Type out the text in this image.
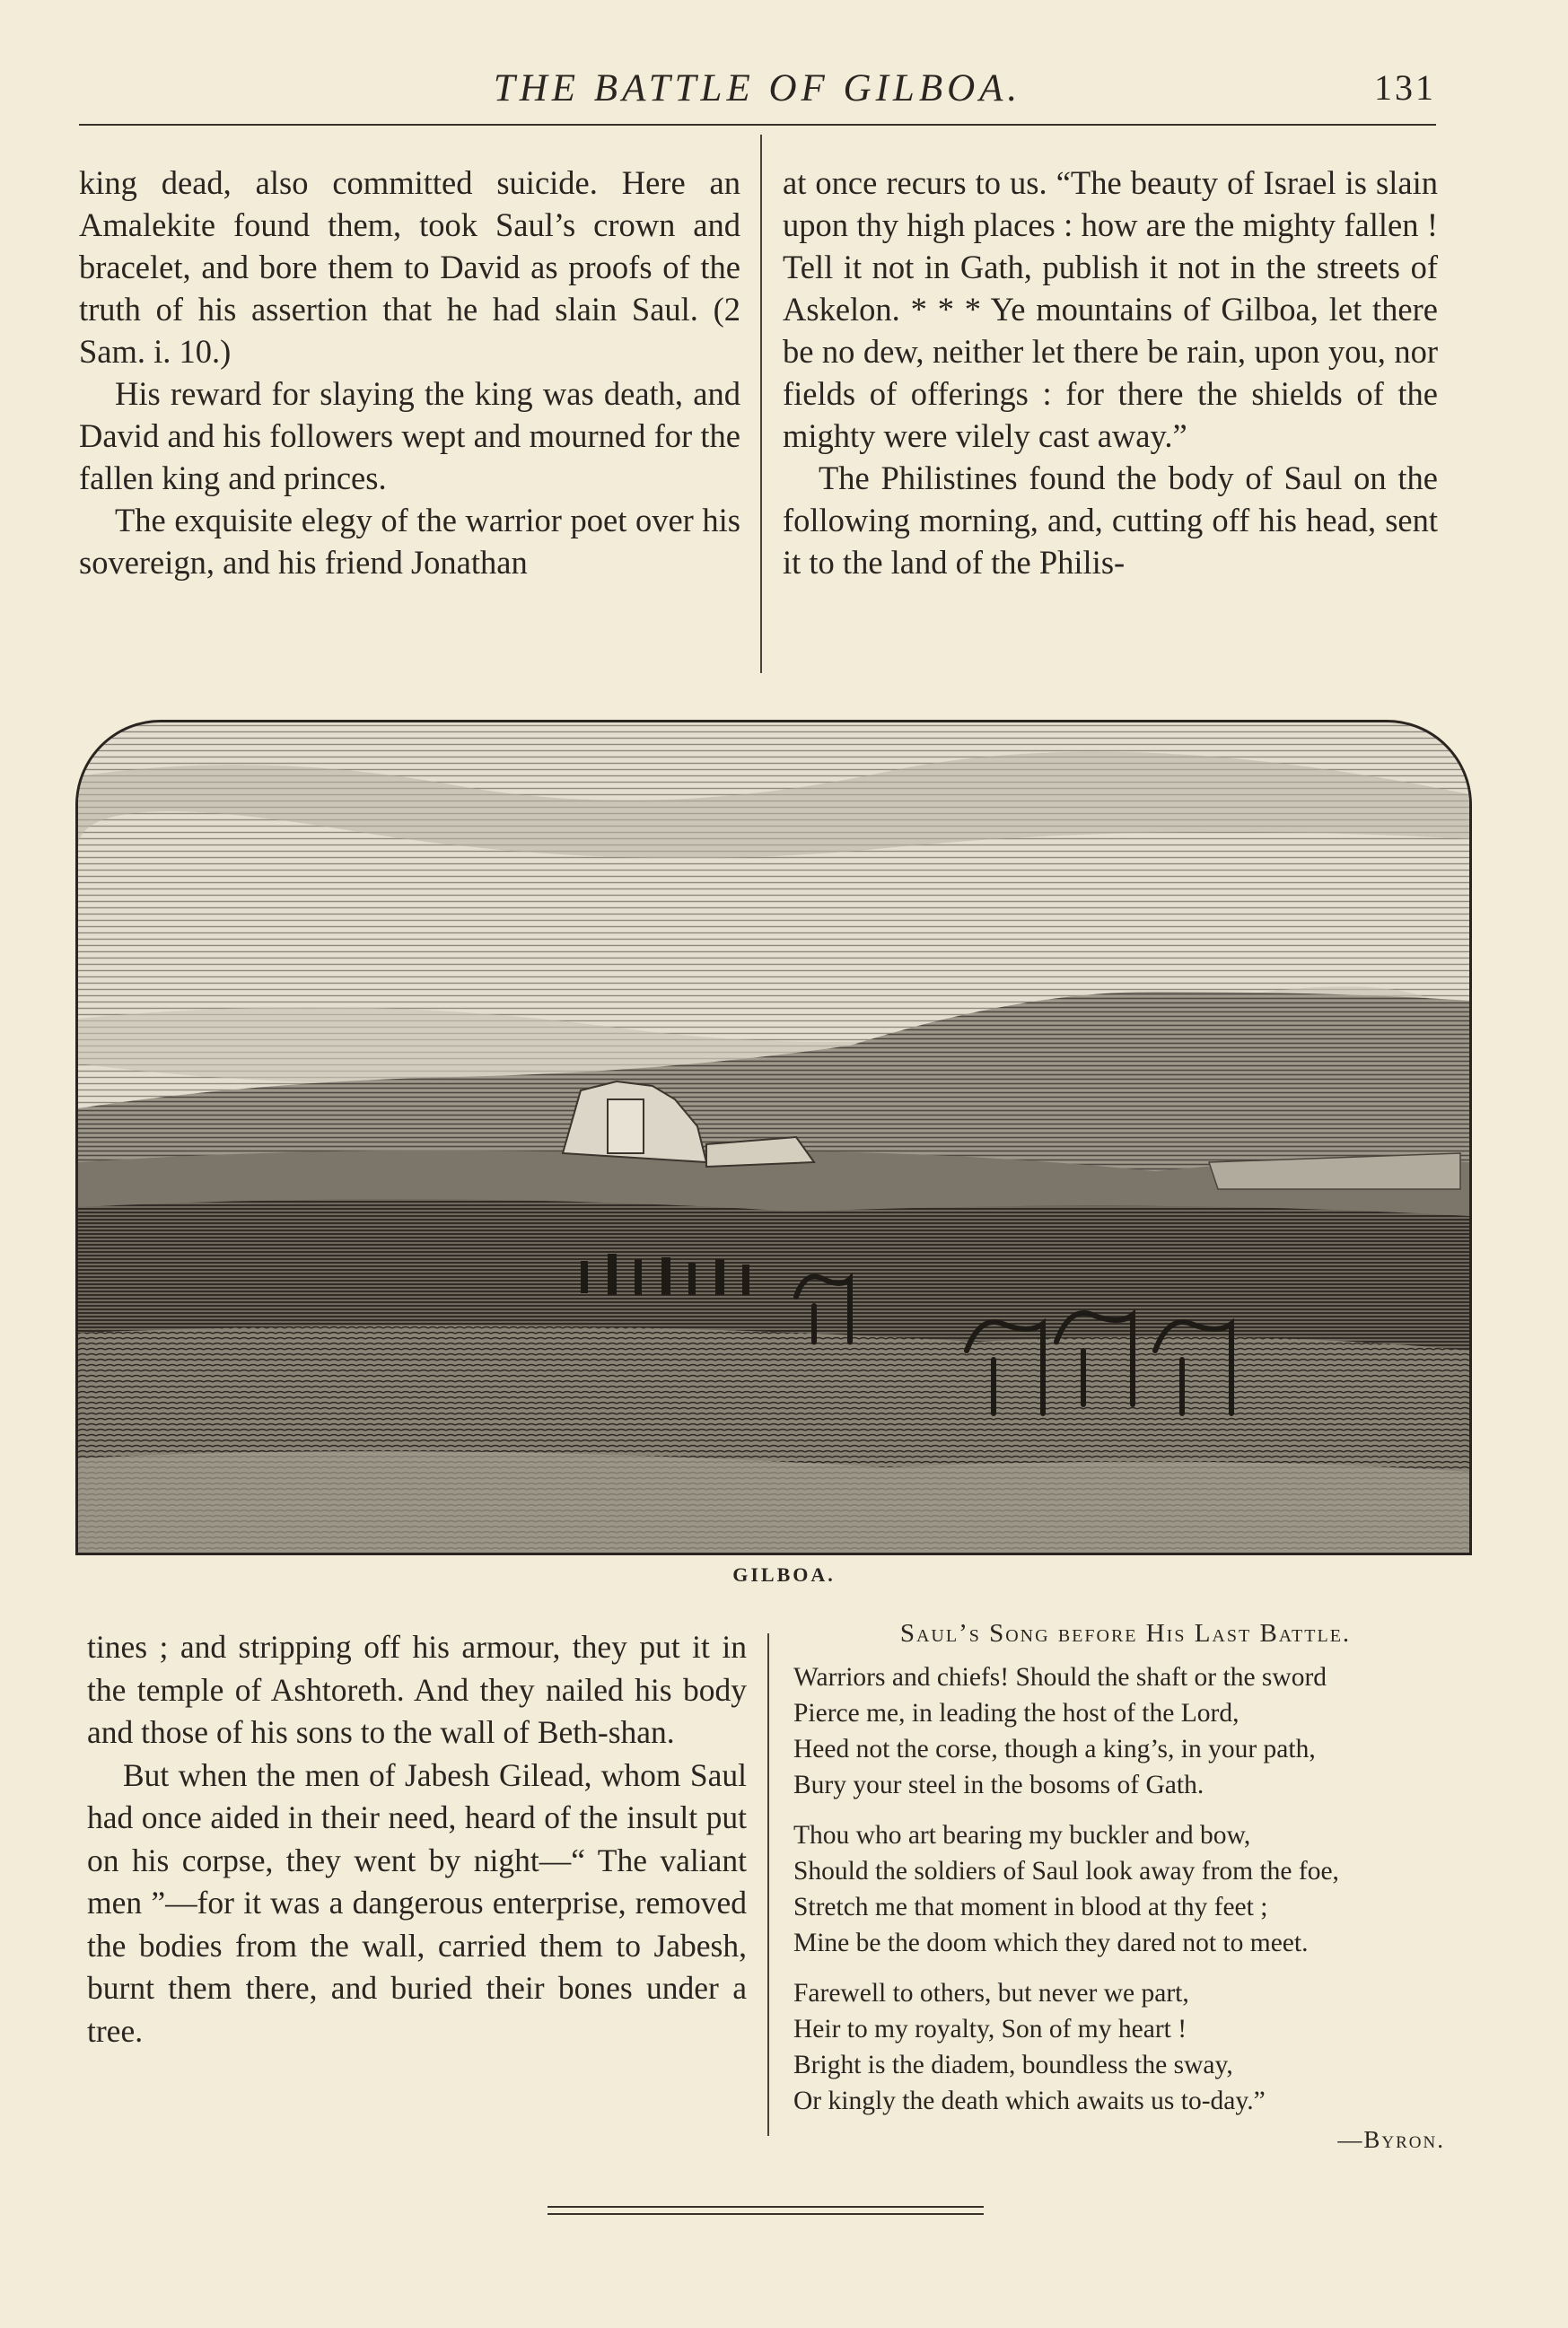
THE BATTLE OF GILBOA.	131

king dead, also committed suicide. Here an Amalekite found them, took Saul’s crown and bracelet, and bore them to David as proofs of the truth of his assertion that he had slain Saul. (2 Sam. i. 10.)

His reward for slaying the king was death, and David and his followers wept and mourned for the fallen king and princes.

The exquisite elegy of the warrior poet over his sovereign, and his friend Jonathan

at once recurs to us. “The beauty of Israel is slain upon thy high places : how are the mighty fallen ! Tell it not in Gath, publish it not in the streets of Askelon. * * * Ye mountains of Gilboa, let there be no dew, neither let there be rain, upon you, nor fields of offerings : for there the shields of the mighty were vilely cast away.”

The Philistines found the body of Saul on the following morning, and, cutting off his head, sent it to the land of the Philis-

GILBOA.

tines ; and stripping off his armour, they put it in the temple of Ashtoreth. And they nailed his body and those of his sons to the wall of Beth-shan.

But when the men of Jabesh Gilead, whom Saul had once aided in their need, heard of the insult put on his corpse, they went by night—“ The valiant men ”—for it was a dangerous enterprise, removed the bodies from the wall, carried them to Jabesh, burnt them there, and buried their bones under a tree.

Saul’s Song before His Last Battle.
Warriors and chiefs! Should the shaft or the sword
Pierce me, in leading the host of the Lord,
Heed not the corse, though a king’s, in your path,
Bury your steel in the bosoms of Gath.
Thou who art bearing my buckler and bow,
Should the soldiers of Saul look away from the foe,
Stretch me that moment in blood at thy feet ;
Mine be the doom which they dared not to meet.
Farewell to others, but never we part,
Heir to my royalty, Son of my heart !
Bright is the diadem, boundless the sway,
Or kingly the death which awaits us to-day.”
—Byron.
